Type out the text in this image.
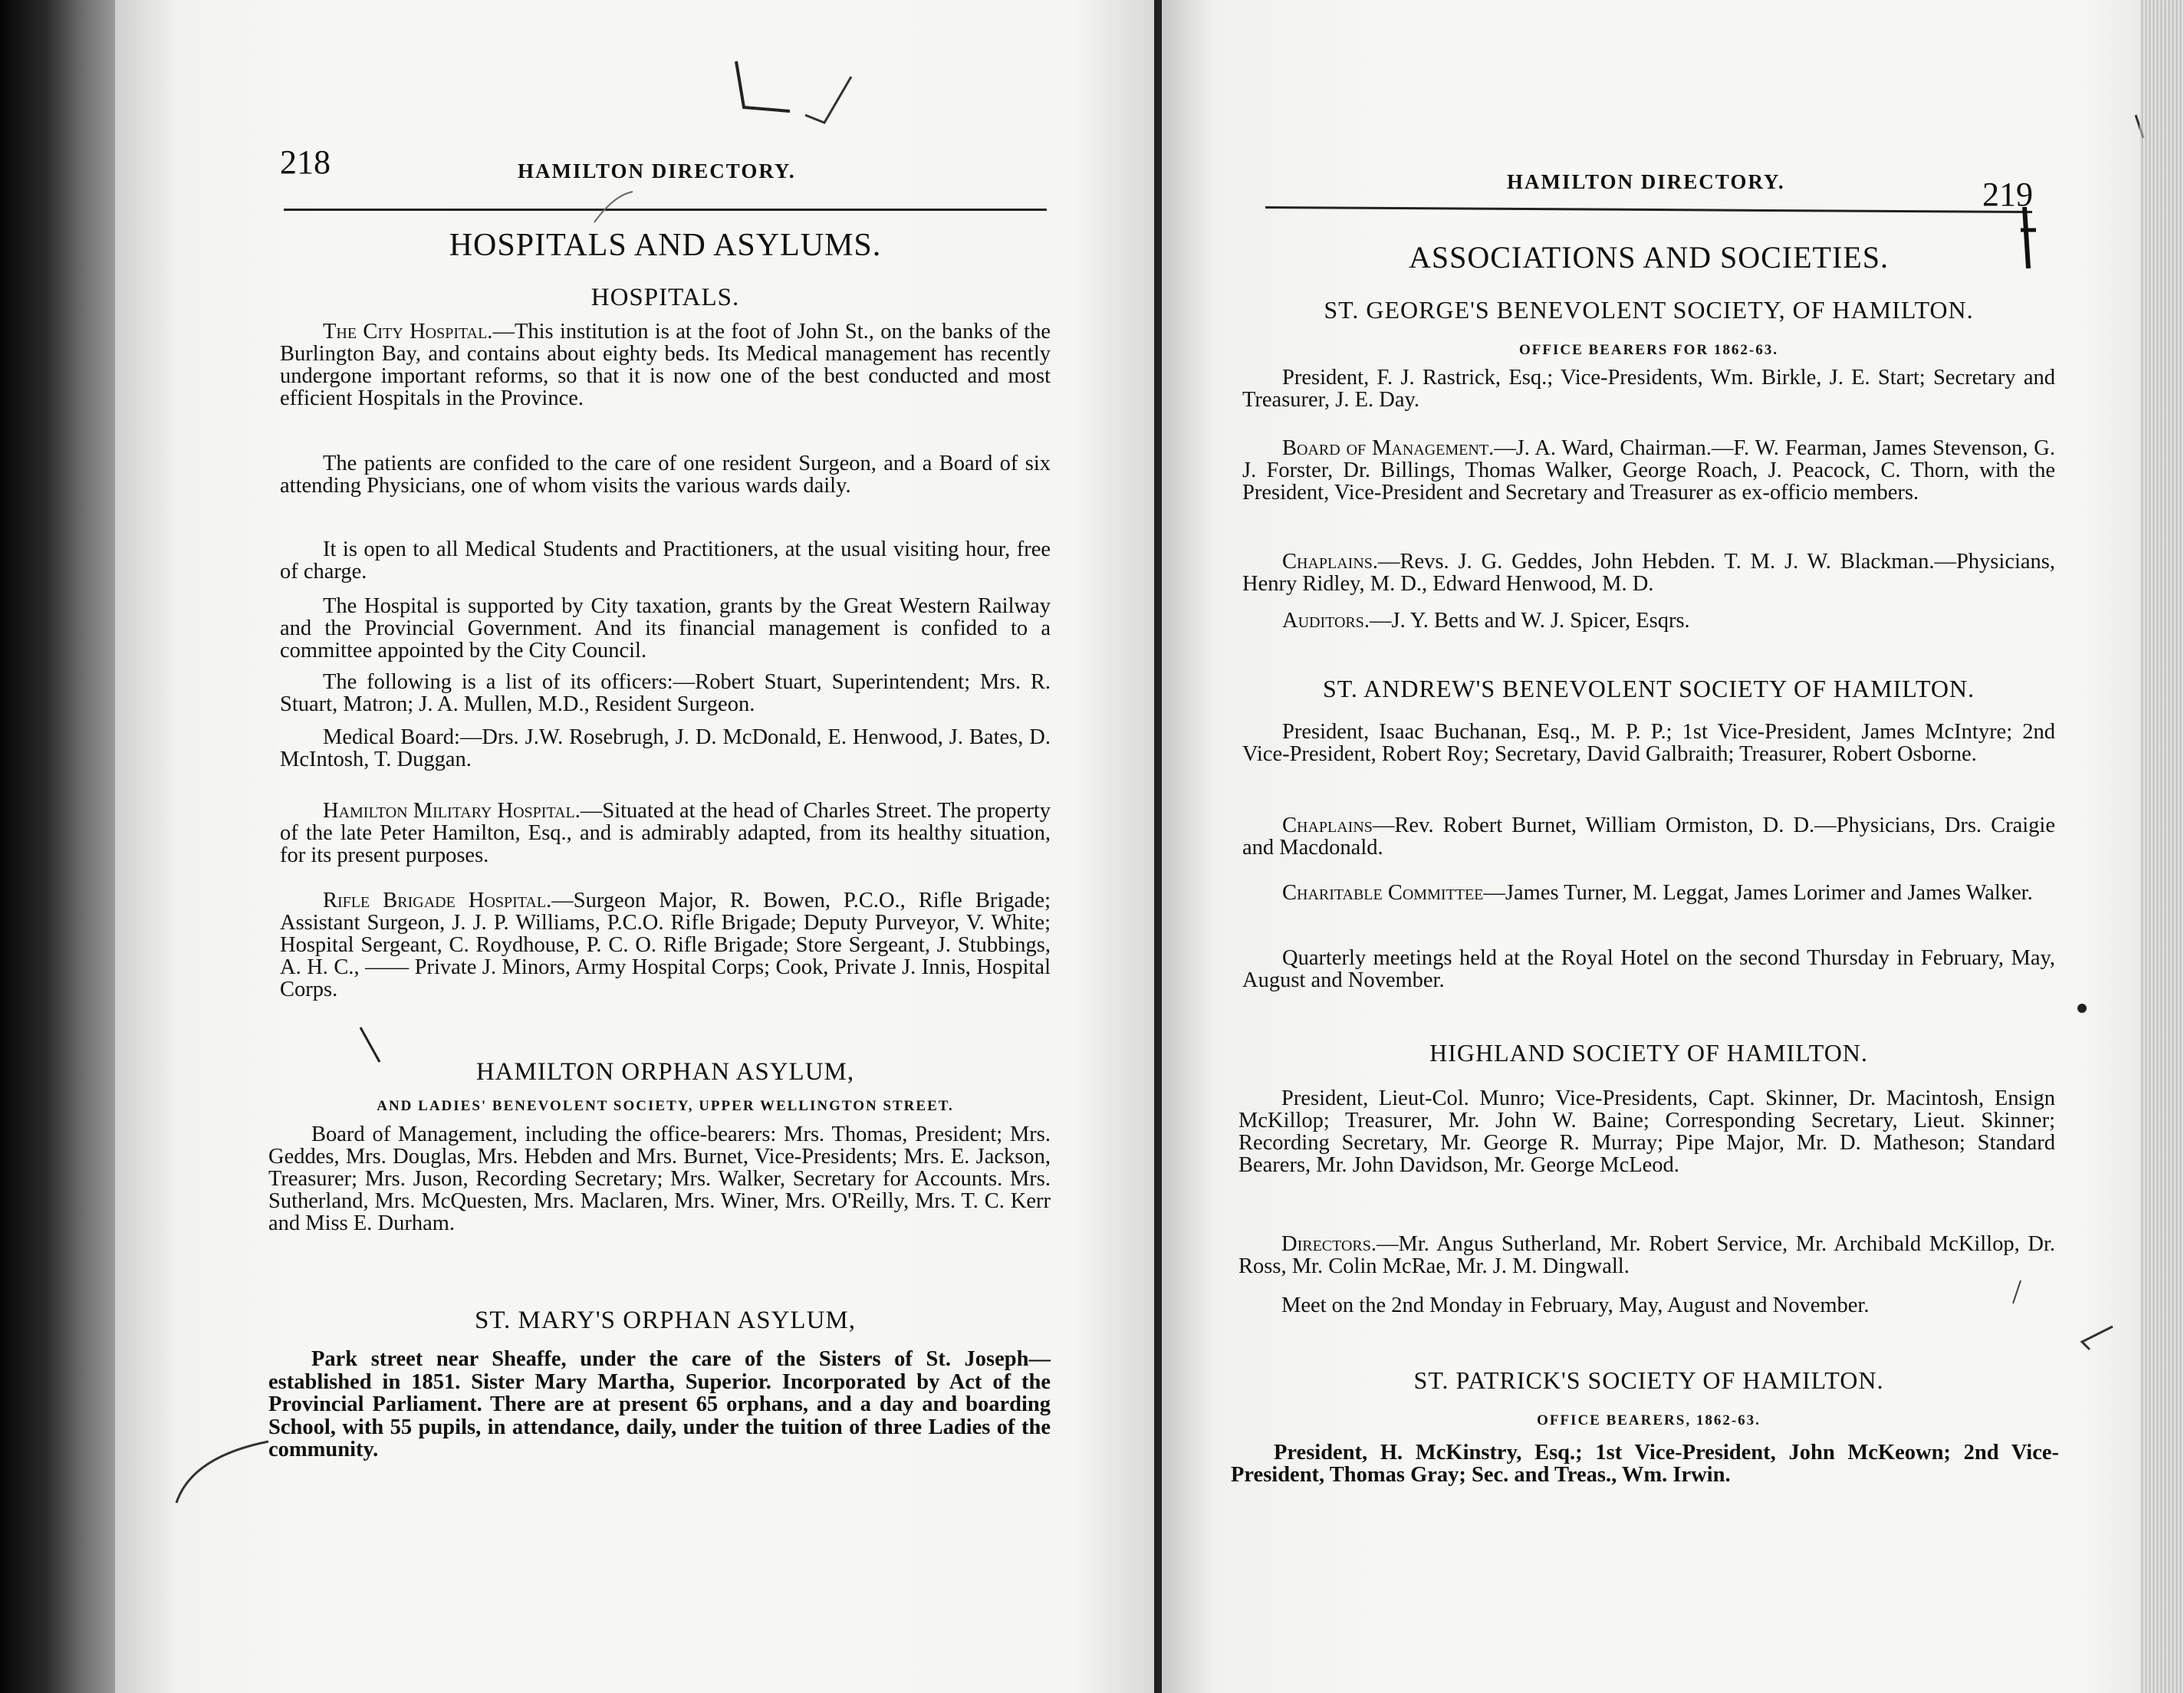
218	HAMILTON DIRECTORY.
HOSPITALS AND ASYLUMS.
HOSPITALS.
The City Hospital.—This institution is at the foot of John St., on the banks of the Burlington Bay, and contains about eighty beds. Its Medical management has recently undergone important reforms, so that it is now one of the best conducted and most efficient Hospitals in the Province.
The patients are confided to the care of one resident Surgeon, and a Board of six attending Physicians, one of whom visits the various wards daily.
It is open to all Medical Students and Practitioners, at the usual visiting hour, free of charge.
The Hospital is supported by City taxation, grants by the Great Western Railway and the Provincial Government. And its financial management is confided to a committee appointed by the City Council.
The following is a list of its officers:—Robert Stuart, Superintendent; Mrs. R. Stuart, Matron; J. A. Mullen, M.D., Resident Surgeon.
Medical Board:—Drs. J.W. Rosebrugh, J. D. McDonald, E. Henwood, J. Bates, D. McIntosh, T. Duggan.
Hamilton Military Hospital.—Situated at the head of Charles Street. The property of the late Peter Hamilton, Esq., and is admirably adapted, from its healthy situation, for its present purposes.
Rifle Brigade Hospital.—Surgeon Major, R. Bowen, P.C.O., Rifle Brigade; Assistant Surgeon, J. J. P. Williams, P.C.O. Rifle Brigade; Deputy Purveyor, V. White; Hospital Sergeant, C. Roydhouse, P. C. O. Rifle Brigade; Store Sergeant, J. Stubbings, A. H. C., —— Private J. Minors, Army Hospital Corps; Cook, Private J. Innis, Hospital Corps.
HAMILTON ORPHAN ASYLUM,
AND LADIES' BENEVOLENT SOCIETY, UPPER WELLINGTON STREET.
Board of Management, including the office-bearers: Mrs. Thomas, President; Mrs. Geddes, Mrs. Douglas, Mrs. Hebden and Mrs. Burnet, Vice-Presidents; Mrs. E. Jackson, Treasurer; Mrs. Juson, Recording Secretary; Mrs. Walker, Secretary for Accounts. Mrs. Sutherland, Mrs. McQuesten, Mrs. Maclaren, Mrs. Winer, Mrs. O'Reilly, Mrs. T. C. Kerr and Miss E. Durham.
ST. MARY'S ORPHAN ASYLUM,
Park street near Sheaffe, under the care of the Sisters of St. Joseph—established in 1851. Sister Mary Martha, Superior. Incorporated by Act of the Provincial Parliament. There are at present 65 orphans, and a day and boarding School, with 55 pupils, in attendance, daily, under the tuition of three Ladies of the community.
HAMILTON DIRECTORY.	219
ASSOCIATIONS AND SOCIETIES.
ST. GEORGE'S BENEVOLENT SOCIETY, OF HAMILTON.
OFFICE BEARERS FOR 1862-63.
President, F. J. Rastrick, Esq.; Vice-Presidents, Wm. Birkle, J. E. Start; Secretary and Treasurer, J. E. Day.
Board of Management.—J. A. Ward, Chairman.—F. W. Fearman, James Stevenson, G. J. Forster, Dr. Billings, Thomas Walker, George Roach, J. Peacock, C. Thorn, with the President, Vice-President and Secretary and Treasurer as ex-officio members.
Chaplains.—Revs. J. G. Geddes, John Hebden. T. M. J. W. Blackman.—Physicians, Henry Ridley, M. D., Edward Henwood, M. D.
Auditors.—J. Y. Betts and W. J. Spicer, Esqrs.
ST. ANDREW'S BENEVOLENT SOCIETY OF HAMILTON.
President, Isaac Buchanan, Esq., M. P. P.; 1st Vice-President, James McIntyre; 2nd Vice-President, Robert Roy; Secretary, David Galbraith; Treasurer, Robert Osborne.
Chaplains—Rev. Robert Burnet, William Ormiston, D. D.—Physicians, Drs. Craigie and Macdonald.
Charitable Committee—James Turner, M. Leggat, James Lorimer and James Walker.
Quarterly meetings held at the Royal Hotel on the second Thursday in February, May, August and November.
HIGHLAND SOCIETY OF HAMILTON.
President, Lieut-Col. Munro; Vice-Presidents, Capt. Skinner, Dr. Macintosh, Ensign McKillop; Treasurer, Mr. John W. Baine; Corresponding Secretary, Lieut. Skinner; Recording Secretary, Mr. George R. Murray; Pipe Major, Mr. D. Matheson; Standard Bearers, Mr. John Davidson, Mr. George McLeod.
Directors.—Mr. Angus Sutherland, Mr. Robert Service, Mr. Archibald McKillop, Dr. Ross, Mr. Colin McRae, Mr. J. M. Dingwall.
Meet on the 2nd Monday in February, May, August and November.
ST. PATRICK'S SOCIETY OF HAMILTON.
OFFICE BEARERS, 1862-63.
President, H. McKinstry, Esq.; 1st Vice-President, John McKeown; 2nd Vice-President, Thomas Gray; Sec. and Treas., Wm. Irwin.
